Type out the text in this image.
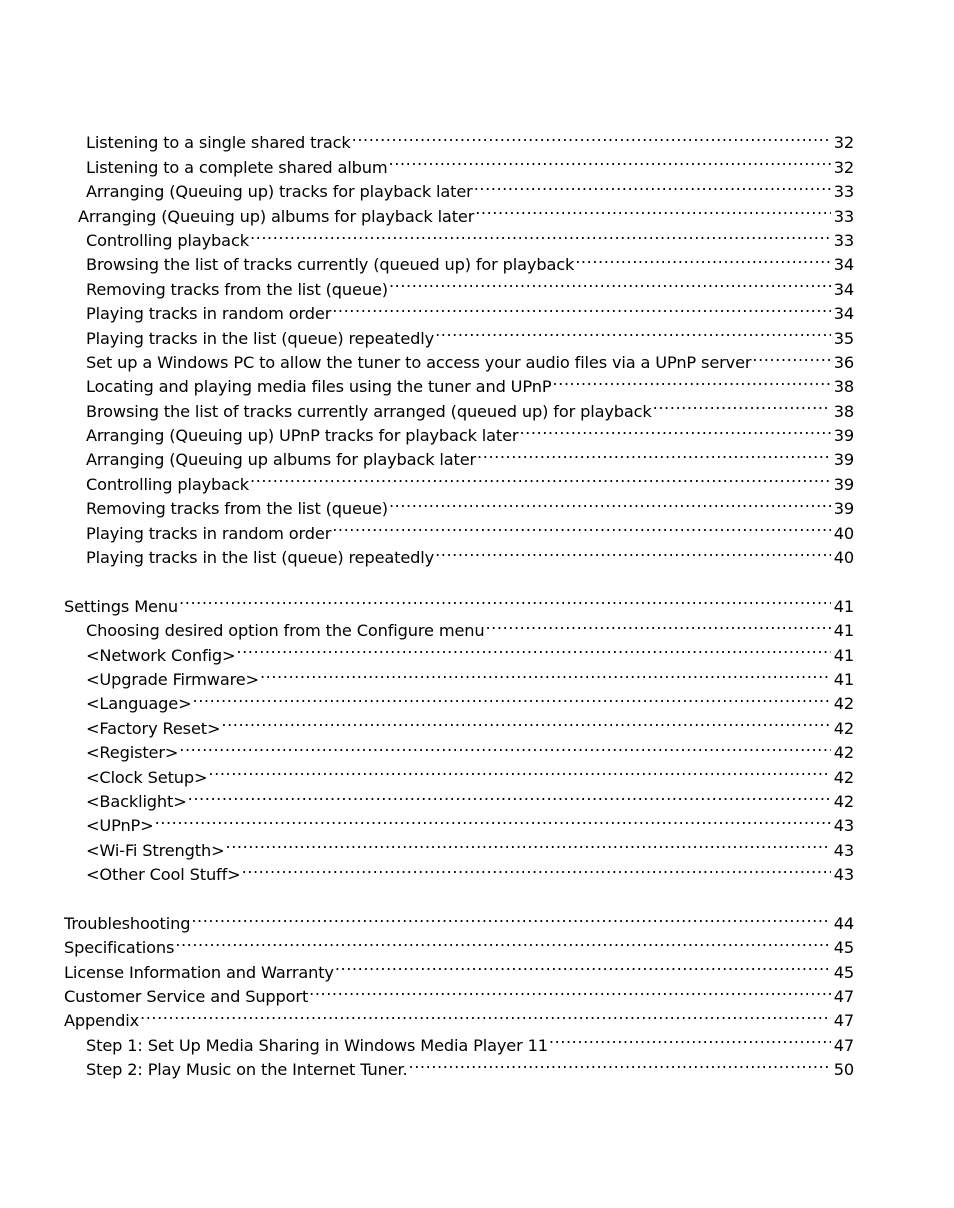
Listening to a single shared track .....	32
Listening to a complete shared album .....	32
Arranging (Queuing up) tracks for playback later .....	33
Arranging (Queuing up) albums for playback later .....	33
Controlling playback .....	33
Browsing the list of tracks currently (queued up) for playback .....	34
Removing tracks from the list (queue) .....	34
Playing tracks in random order .....	34
Playing tracks in the list (queue) repeatedly .....	35
Set up a Windows PC to allow the tuner to access your audio files via a UPnP server .....	36
Locating and playing media files using the tuner and UPnP .....	38
Browsing the list of tracks currently arranged (queued up) for playback .....	38
Arranging (Queuing up) UPnP tracks for playback later .....	39
Arranging (Queuing up albums for playback later .....	39
Controlling playback .....	39
Removing tracks from the list (queue) .....	39
Playing tracks in random order .....	40
Playing tracks in the list (queue) repeatedly .....	40
Settings Menu .....	41
Choosing desired option from the Configure menu .....	41
<Network Config> .....	41
<Upgrade Firmware> .....	41
<Language> .....	42
<Factory Reset> .....	42
<Register> .....	42
<Clock Setup> .....	42
<Backlight> .....	42
<UPnP> .....	43
<Wi-Fi Strength> .....	43
<Other Cool Stuff> .....	43
Troubleshooting .....	44
Specifications .....	45
License Information and Warranty .....	45
Customer Service and Support .....	47
Appendix .....	47
Step 1: Set Up Media Sharing in Windows Media Player 11 .....	47
Step 2: Play Music on the Internet Tuner. .....	50
